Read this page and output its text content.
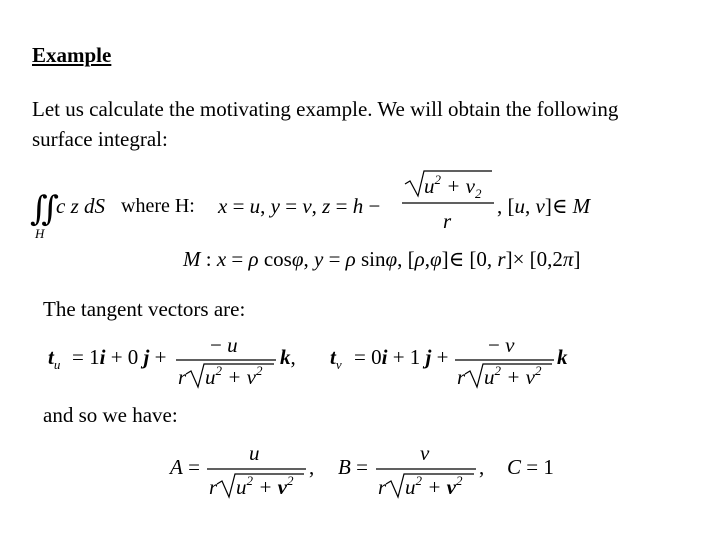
Example
Let us calculate the motivating example. We will obtain the following
surface integral:
The tangent vectors are:
and so we have:
∬
H
c z dS	x = u, y = v, z = h −
$u^2 + v_2$
r
, [u, v]∈ M
M : x = ρ cosφ, y = ρ sinφ, [ρ,φ]∈ [0, r]× [0,2π]
$t_u = 1i + 0$ j + − u
r $u^2 + v^2$
k, $t_v = 0i + 1$ j + − v
r $u^2 + v^2$
k
A =
u
r $u^2 + v^2$
, B =
v
r $u^2 + v^2$
, C = 1
where H:
